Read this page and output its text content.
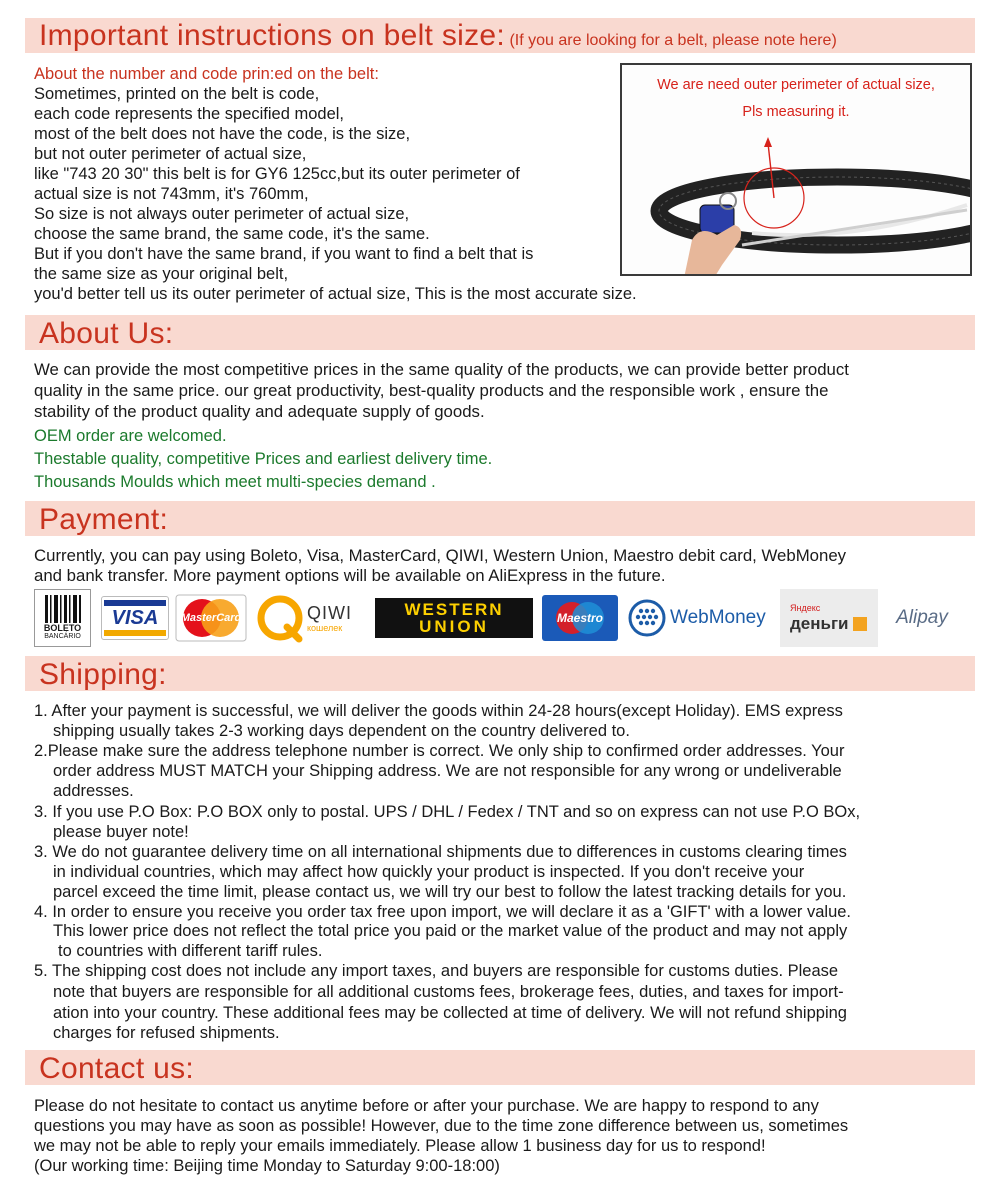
Important instructions on belt size: (If you are looking for a belt, please note here)
About the number and code prin:ed on the belt:
Sometimes, printed on the belt is code,
each code represents the specified model,
most of the belt does not have the code, is the size,
but not outer perimeter of actual size,
like "743 20 30" this belt is for GY6 125cc,but its outer perimeter of
actual size is not 743mm, it's 760mm,
So size is not always outer perimeter of actual size,
choose the same brand, the same code, it's the same.
But if you don't have the same brand, if you want to find a belt that is
the same size as your original belt,
you'd better tell us its outer perimeter of actual size, This is the most accurate size.
We are need outer perimeter of actual size,
Pls measuring it.
About Us:
We can provide the most competitive prices in the same quality of the products, we can provide better product
quality in the same price. our great productivity, best-quality products and the responsible work , ensure the
stability of the product quality and adequate supply of goods.
OEM order are welcomed.
Thestable quality, competitive Prices and earliest delivery time.
Thousands Moulds which meet multi-species demand .
Payment:
Currently, you can pay using Boleto, Visa, MasterCard, QIWI, Western Union, Maestro debit card, WebMoney
and bank transfer. More payment options will be available on AliExpress in the future.
BOLETO
BANCÁRIO
VISA MasterCard	QIWI
кошелек
WESTERN
UNION	Maestro	WebMoney	Яндекс
деньги	Alipay
Shipping:
1. After your payment is successful, we will deliver the goods within 24-28 hours(except Holiday). EMS express
shipping usually takes 2-3 working days dependent on the country delivered to.
2.Please make sure the address telephone number is correct. We only ship to confirmed order addresses. Your
order address MUST MATCH your Shipping address. We are not responsible for any wrong or undeliverable
addresses.
3. If you use P.O Box: P.O BOX only to postal. UPS / DHL / Fedex / TNT and so on express can not use P.O BOx,
please buyer note!
3. We do not guarantee delivery time on all international shipments due to differences in customs clearing times
in individual countries, which may affect how quickly your product is inspected. If you don't receive your
parcel exceed the time limit, please contact us, we will try our best to follow the latest tracking details for you.
4. In order to ensure you receive you order tax free upon import, we will declare it as a 'GIFT' with a lower value.
This lower price does not reflect the total price you paid or the market value of the product and may not apply
to countries with different tariff rules.
5. The shipping cost does not include any import taxes, and buyers are responsible for customs duties. Please
note that buyers are responsible for all additional customs fees, brokerage fees, duties, and taxes for import-
ation into your country. These additional fees may be collected at time of delivery. We will not refund shipping
charges for refused shipments.
Contact us:
Please do not hesitate to contact us anytime before or after your purchase. We are happy to respond to any
questions you may have as soon as possible! However, due to the time zone difference between us, sometimes
we may not be able to reply your emails immediately. Please allow 1 business day for us to respond!
(Our working time: Beijing time Monday to Saturday 9:00-18:00)
